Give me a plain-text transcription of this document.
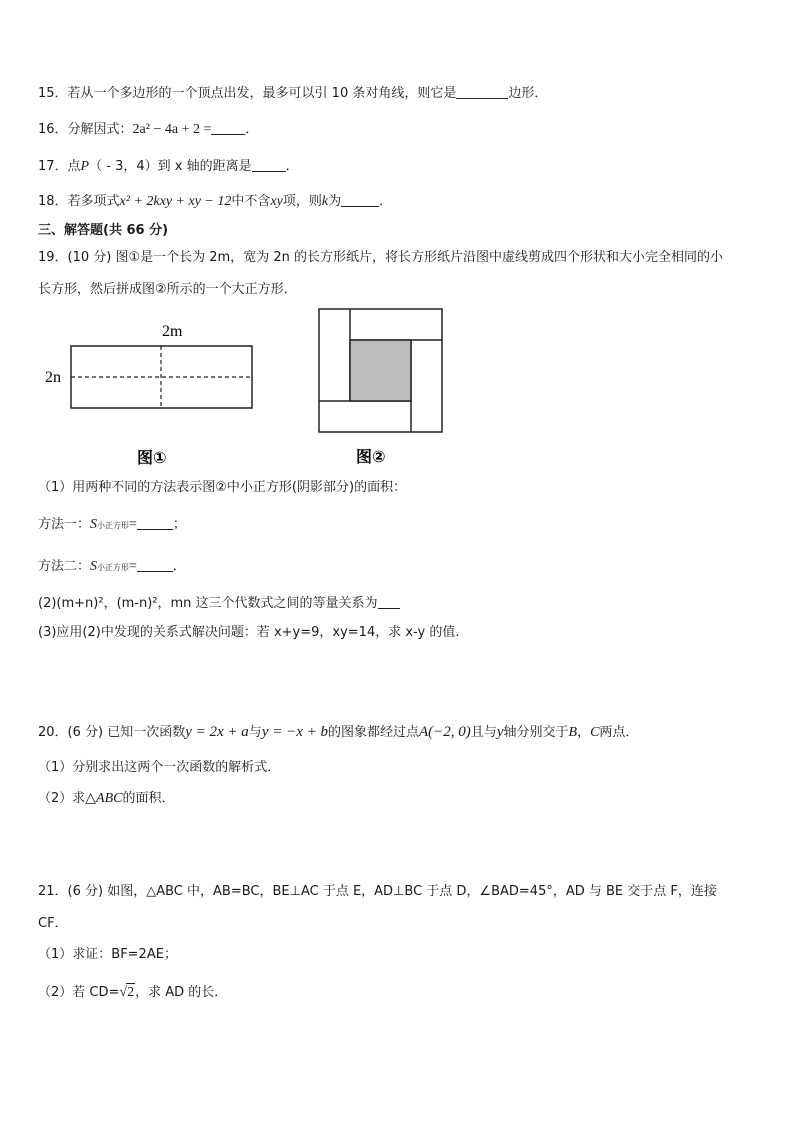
15．若从一个多边形的一个顶点出发，最多可以引 10 条对角线，则它是	边形．
16．分解因式：2a² − 4a + 2 =	．
17．点P（ - 3，4）到 x 轴的距离是	．
18．若多项式x² + 2kxy + xy − 12中不含xy项，则k为	．
三、解答题(共 66 分)
19．(10 分) 图①是一个长为 2m，宽为 2n 的长方形纸片，将长方形纸片沿图中虚线剪成四个形状和大小完全相同的小
长方形，然后拼成图②所示的一个大正方形．
2m
2n
图①	图②
（1）用两种不同的方法表示图②中小正方形(阴影部分)的面积：
方法一：S小正方形=	；
方法二：S小正方形=	．
(2)(m+n)²，(m-n)²，mn 这三个代数式之间的等量关系为
(3)应用(2)中发现的关系式解决问题：若 x+y=9，xy=14，求 x-y 的值.
20．(6 分) 已知一次函数y = 2x + a与y = −x + b的图象都经过点A(−2, 0)且与y轴分别交于B，C两点．
（1）分别求出这两个一次函数的解析式．
（2）求△ABC的面积．
21．(6 分) 如图，△ABC 中，AB=BC，BE⊥AC 于点 E，AD⊥BC 于点 D，∠BAD=45°，AD 与 BE 交于点 F，连接
CF．
（1）求证：BF=2AE；
（2）若 CD=√2，求 AD 的长．
